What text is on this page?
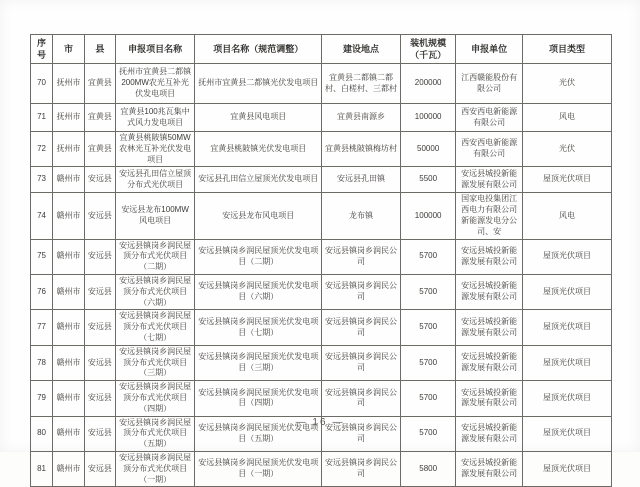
序号	市	县	申报项目名称	项目名称（规范调整）	建设地点	装机规模（千瓦）	申报单位	项目类型
70	抚州市	宜黄县	抚州市宜黄县二都镇200MW农光互补光伏发电项目	抚州市宜黄县二都镇光伏发电项目	宜黄县二都镇二都村、白槎村、三都村	200000	江西赣能股份有限公司	光伏
71	抚州市	宜黄县	宜黄县100兆瓦集中式风力发电项目	宜黄县风电项目	宜黄县南源乡	100000	西安西电新能源有限公司	风电
72	抚州市	宜黄县	宜黄县桃陂镇50MW农林光互补光伏发电项目	宜黄县桃陂镇光伏发电项目	宜黄县桃陂镇梅坊村	50000	西安西电新能源有限公司	光伏
73	赣州市	安远县	安远县孔田信立屋顶分布式光伏项目	安远县孔田信立屋顶光伏发电项目	安远县孔田镇	5500	安远县城投新能源发展有限公司	屋顶光伏项目
74	赣州市	安远县	安远县龙布100MW风电项目	安远县龙布风电项目	龙布镇	100000	国家电投集团江西电力有限公司新能源发电分公司、安	风电
75	赣州市	安远县	安远县镇岗乡润民屋顶分布式光伏项目（二期）	安远县镇岗乡润民屋顶光伏发电项目（二期）	安远县镇岗乡润民公司	5700	安远县城投新能源发展有限公司	屋顶光伏项目
76	赣州市	安远县	安远县镇岗乡润民屋顶分布式光伏项目（六期）	安远县镇岗乡润民屋顶光伏发电项目（六期）	安远县镇岗乡润民公司	5700	安远县城投新能源发展有限公司	屋顶光伏项目
77	赣州市	安远县	安远县镇岗乡润民屋顶分布式光伏项目（七期）	安远县镇岗乡润民屋顶光伏发电项目（七期）	安远县镇岗乡润民公司	5700	安远县城投新能源发展有限公司	屋顶光伏项目
78	赣州市	安远县	安远县镇岗乡润民屋顶分布式光伏项目（三期）	安远县镇岗乡润民屋顶光伏发电项目（三期）	安远县镇岗乡润民公司	5700	安远县城投新能源发展有限公司	屋顶光伏项目
79	赣州市	安远县	安远县镇岗乡润民屋顶分布式光伏项目（四期）	安远县镇岗乡润民屋顶光伏发电项目（四期）	安远县镇岗乡润民公司	5700	安远县城投新能源发展有限公司	屋顶光伏项目
80	赣州市	安远县	安远县镇岗乡润民屋顶分布式光伏项目（五期）	安远县镇岗乡润民屋顶光伏发电项目（五期）	安远县镇岗乡润民公司	5700	安远县城投新能源发展有限公司	屋顶光伏项目
81	赣州市	安远县	安远县镇岗乡润民屋顶分布式光伏项目（一期）	安远县镇岗乡润民屋顶光伏发电项目（一期）	安远县镇岗乡润民公司	5800	安远县城投新能源发展有限公司	屋顶光伏项目
— 16 —
